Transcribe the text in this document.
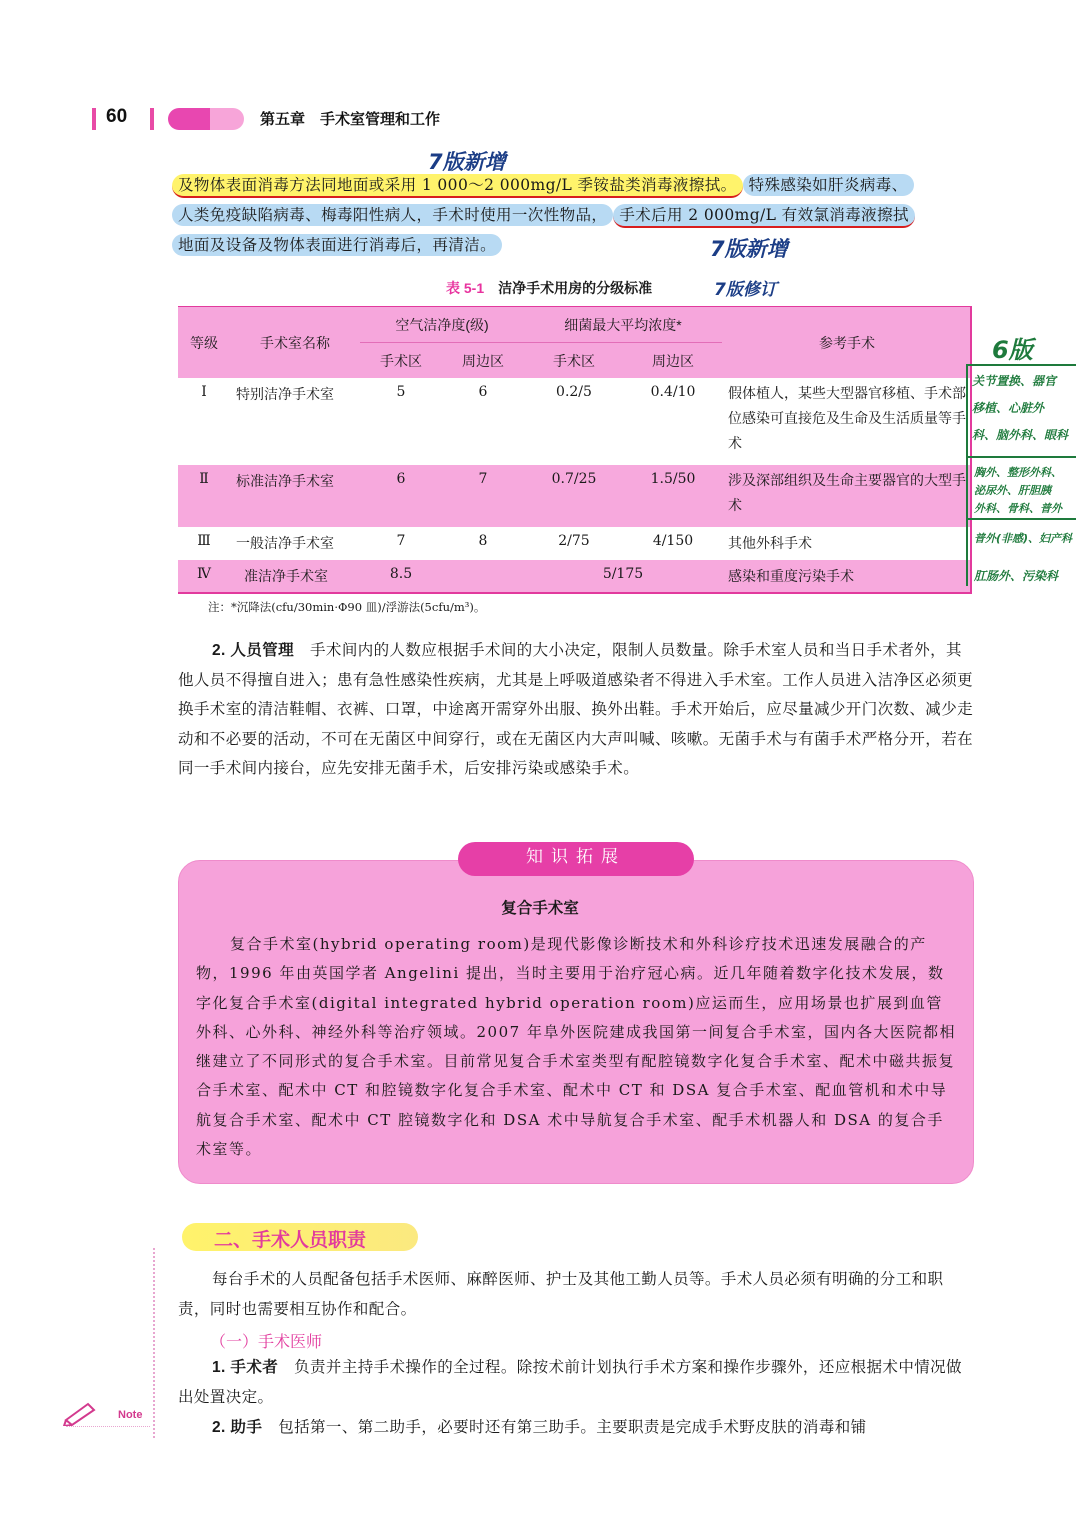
60	第五章　手术室管理和工作
7版新增
及物体表面消毒方法同地面或采用 1 000～2 000mg/L 季铵盐类消毒液擦拭。 特殊感染如肝炎病毒、
人类免疫缺陷病毒、梅毒阳性病人，手术时使用一次性物品， 手术后用 2 000mg/L 有效氯消毒液擦拭
地面及设备及物体表面进行消毒后，再清洁。	7版新增
表 5-1 洁净手术用房的分级标准	7版修订
等级	手术室名称	空气洁净度(级)		细菌最大平均浓度*		参考手术
		手术区	周边区	手术区	周边区	
Ⅰ	特别洁净手术室	5	6	0.2/5	0.4/10	假体植人，某些大型器官移植、手术部位感染可直接危及生命及生活质量等手术
Ⅱ	标准洁净手术室	6	7	0.7/25	1.5/50	涉及深部组织及生命主要器官的大型手术
Ⅲ	一般洁净手术室	7	8	2/75	4/150	其他外科手术
Ⅳ	准洁净手术室	8.5		5/175		感染和重度污染手术
注：*沉降法(cfu/30min·Φ90 皿)/浮游法(5cfu/m³)。
6版
关节置换、器官
移植、心脏外
科、脑外科、眼科
胸外、整形外科、
泌尿外、肝胆胰
外科、骨科、普外
普外(非感)、妇产科
肛肠外、污染科
2. 人员管理 手术间内的人数应根据手术间的大小决定，限制人员数量。除手术室人员和当日手术者外，其他人员不得擅自进入；患有急性感染性疾病，尤其是上呼吸道感染者不得进入手术室。工作人员进入洁净区必须更换手术室的清洁鞋帽、衣裤、口罩，中途离开需穿外出服、换外出鞋。手术开始后，应尽量减少开门次数、减少走动和不必要的活动，不可在无菌区中间穿行，或在无菌区内大声叫喊、咳嗽。无菌手术与有菌手术严格分开，若在同一手术间内接台，应先安排无菌手术，后安排污染或感染手术。
知识拓展
复合手术室
复合手术室(hybrid operating room)是现代影像诊断技术和外科诊疗技术迅速发展融合的产物，1996 年由英国学者 Angelini 提出，当时主要用于治疗冠心病。近几年随着数字化技术发展，数字化复合手术室(digital integrated hybrid operation room)应运而生，应用场景也扩展到血管外科、心外科、神经外科等治疗领域。2007 年阜外医院建成我国第一间复合手术室，国内各大医院都相继建立了不同形式的复合手术室。目前常见复合手术室类型有配腔镜数字化复合手术室、配术中磁共振复合手术室、配术中 CT 和腔镜数字化复合手术室、配术中 CT 和 DSA 复合手术室、配血管机和术中导航复合手术室、配术中 CT 腔镜数字化和 DSA 术中导航复合手术室、配手术机器人和 DSA 的复合手术室等。
二、手术人员职责
每台手术的人员配备包括手术医师、麻醉医师、护士及其他工勤人员等。手术人员必须有明确的分工和职责，同时也需要相互协作和配合。
（一）手术医师
1. 手术者 负责并主持手术操作的全过程。除按术前计划执行手术方案和操作步骤外，还应根据术中情况做出处置决定。
2. 助手 包括第一、第二助手，必要时还有第三助手。主要职责是完成手术野皮肤的消毒和铺
Note
